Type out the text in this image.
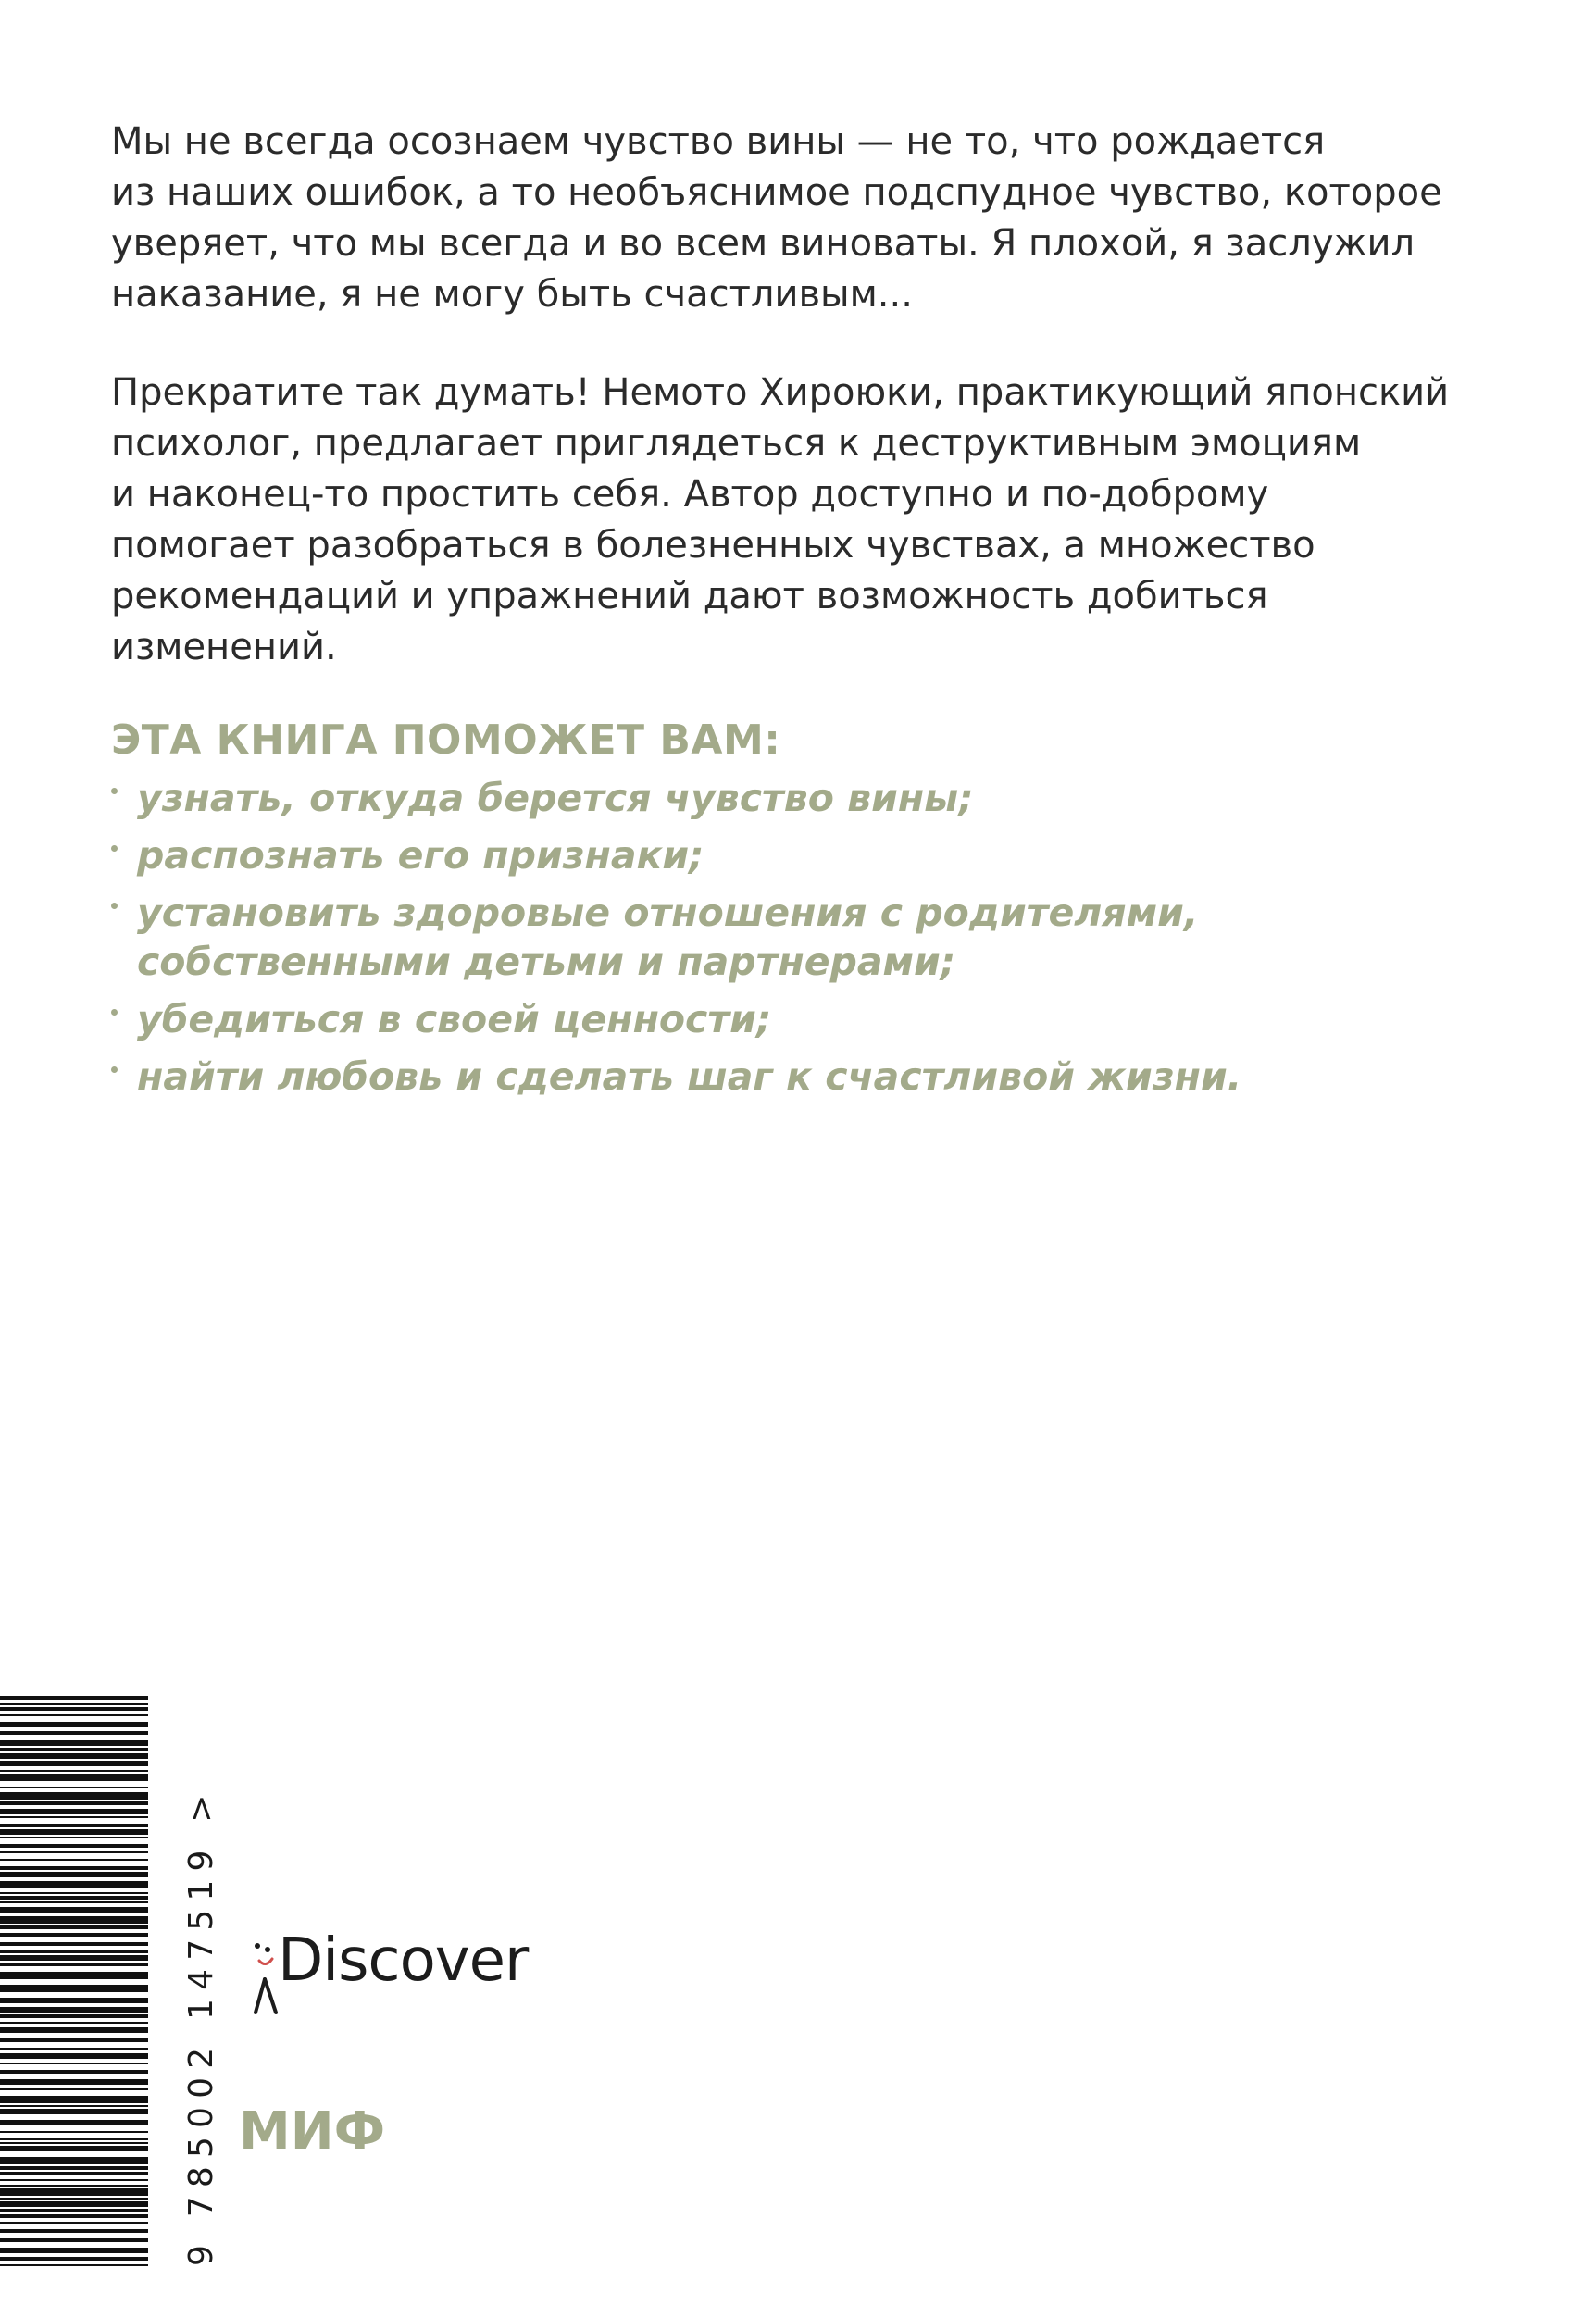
Мы не всегда осознаем чувство вины — не то, что рождается
из наших ошибок, а то необъяснимое подспудное чувство, которое
уверяет, что мы всегда и во всем виноваты. Я плохой, я заслужил
наказание, я не могу быть счастливым...

Прекратите так думать! Немото Хироюки, практикующий японский
психолог, предлагает приглядеться к деструктивным эмоциям
и наконец-то простить себя. Автор доступно и по-доброму
помогает разобраться в болезненных чувствах, а множество
рекомендаций и упражнений дают возможность добиться
изменений.

ЭТА КНИГА ПОМОЖЕТ ВАМ:
узнать, откуда берется чувство вины;
распознать его признаки;
установить здоровые отношения с родителями,
собственными детьми и партнерами;
убедиться в своей ценности;
найти любовь и сделать шаг к счастливой жизни.
9 785002 147519 > Discover
МИФ
